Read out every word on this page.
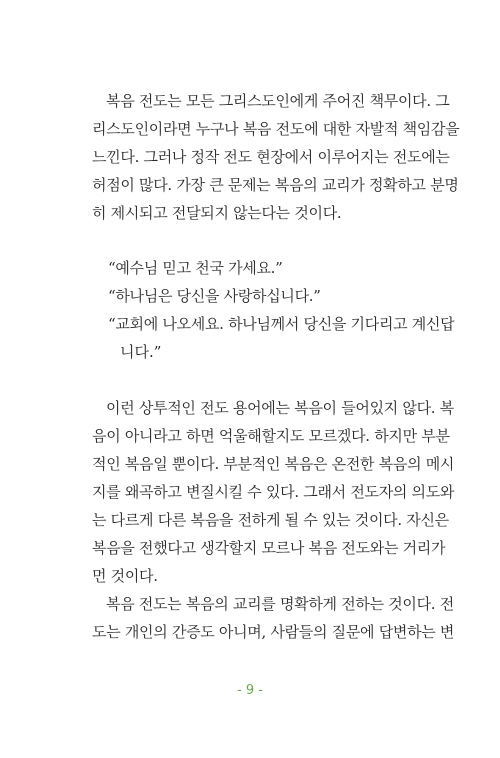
복음 전도는 모든 그리스도인에게 주어진 책무이다. 그
리스도인이라면 누구나 복음 전도에 대한 자발적 책임감을
느낀다. 그러나 정작 전도 현장에서 이루어지는 전도에는
허점이 많다. 가장 큰 문제는 복음의 교리가 정확하고 분명
히 제시되고 전달되지 않는다는 것이다.
“예수님 믿고 천국 가세요.”
“하나님은 당신을 사랑하십니다.”
“교회에 나오세요. 하나님께서 당신을 기다리고 계신답
니다.”
이런 상투적인 전도 용어에는 복음이 들어있지 않다. 복
음이 아니라고 하면 억울해할지도 모르겠다. 하지만 부분
적인 복음일 뿐이다. 부분적인 복음은 온전한 복음의 메시
지를 왜곡하고 변질시킬 수 있다. 그래서 전도자의 의도와
는 다르게 다른 복음을 전하게 될 수 있는 것이다. 자신은
복음을 전했다고 생각할지 모르나 복음 전도와는 거리가
먼 것이다.
복음 전도는 복음의 교리를 명확하게 전하는 것이다. 전
도는 개인의 간증도 아니며, 사람들의 질문에 답변하는 변
- 9 -
